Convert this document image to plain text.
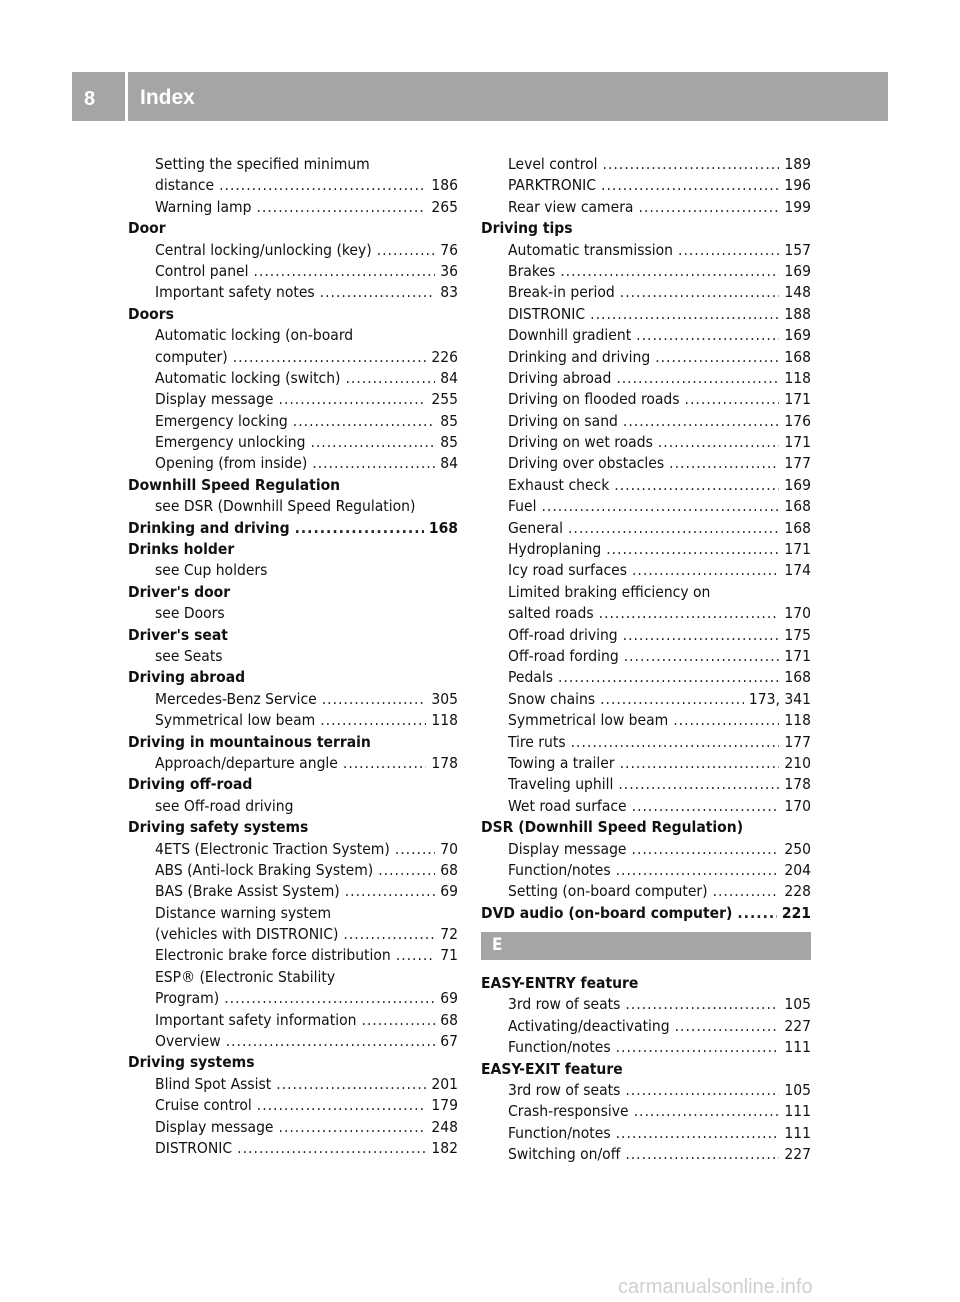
8 Index
Setting the specified minimum
distance .....	186
Warning lamp .....	265
Door
Central locking/unlocking (key) .....	76
Control panel .....	36
Important safety notes .....	83
Doors
Automatic locking (on-board
computer) .....	226
Automatic locking (switch) .....	84
Display message .....	255
Emergency locking .....	85
Emergency unlocking .....	85
Opening (from inside) .....	84
Downhill Speed Regulation
see DSR (Downhill Speed Regulation)
Drinking and driving .....	168
Drinks holder
see Cup holders
Driver's door
see Doors
Driver's seat
see Seats
Driving abroad
Mercedes-Benz Service .....	305
Symmetrical low beam .....	118
Driving in mountainous terrain
Approach/departure angle .....	178
Driving off-road
see Off-road driving
Driving safety systems
4ETS (Electronic Traction System) .....	70
ABS (Anti-lock Braking System) .....	68
BAS (Brake Assist System) .....	69
Distance warning system
(vehicles with DISTRONIC) .....	72
Electronic brake force distribution .....	71
ESP® (Electronic Stability
Program) .....	69
Important safety information .....	68
Overview .....	67
Driving systems
Blind Spot Assist .....	201
Cruise control .....	179
Display message .....	248
DISTRONIC .....	182
Level control .....	189
PARKTRONIC .....	196
Rear view camera .....	199
Driving tips
Automatic transmission .....	157
Brakes .....	169
Break-in period .....	148
DISTRONIC .....	188
Downhill gradient .....	169
Drinking and driving .....	168
Driving abroad .....	118
Driving on flooded roads .....	171
Driving on sand .....	176
Driving on wet roads .....	171
Driving over obstacles .....	177
Exhaust check .....	169
Fuel .....	168
General .....	168
Hydroplaning .....	171
Icy road surfaces .....	174
Limited braking efficiency on
salted roads .....	170
Off-road driving .....	175
Off-road fording .....	171
Pedals .....	168
Snow chains .....	173, 341
Symmetrical low beam .....	118
Tire ruts .....	177
Towing a trailer .....	210
Traveling uphill .....	178
Wet road surface .....	170
DSR (Downhill Speed Regulation)
Display message .....	250
Function/notes .....	204
Setting (on-board computer) .....	228
DVD audio (on-board computer) .....	221
E
EASY-ENTRY feature
3rd row of seats .....	105
Activating/deactivating .....	227
Function/notes .....	111
EASY-EXIT feature
3rd row of seats .....	105
Crash-responsive .....	111
Function/notes .....	111
Switching on/off .....	227
carmanualsonline.info
